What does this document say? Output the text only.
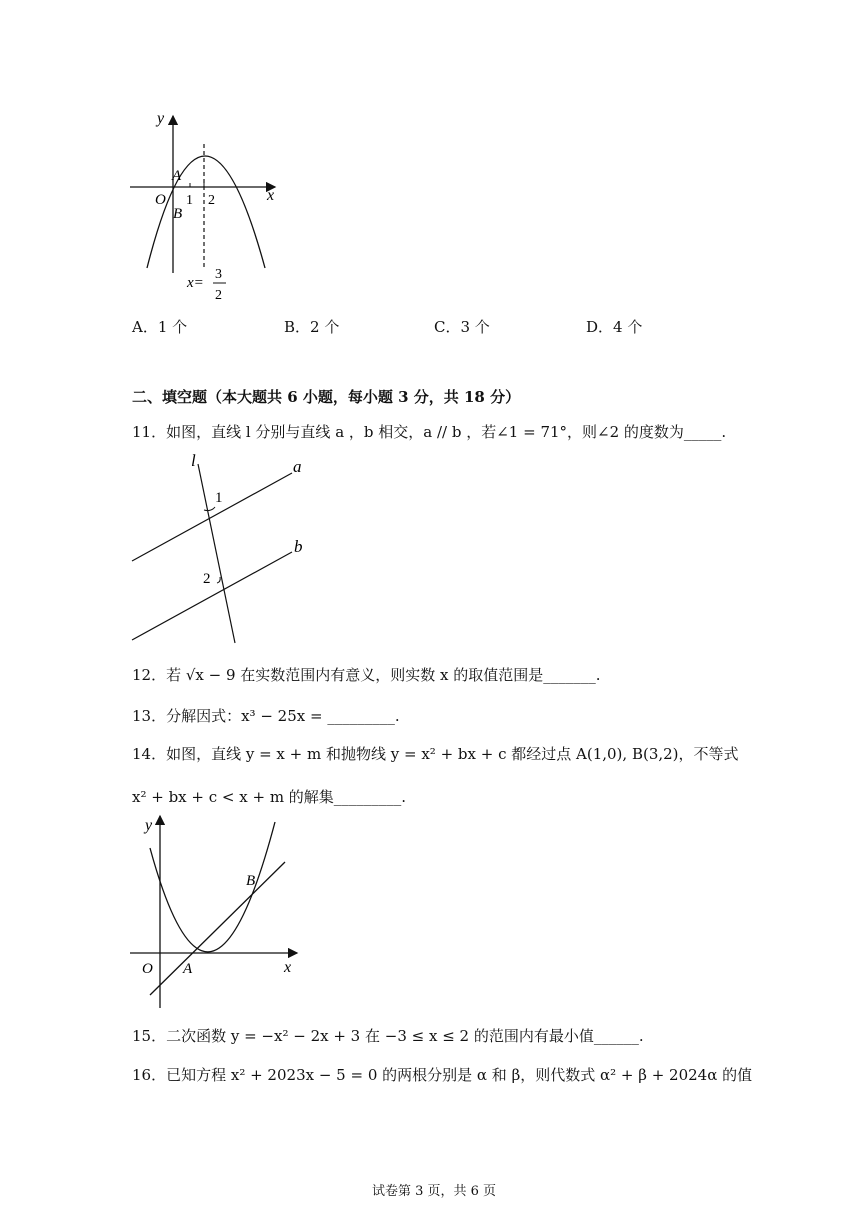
y
x
O
A
B
1 2
x=
3
2
A．1 个	B．2 个	C．3 个	D．4 个
二、填空题（本大题共 6 小题，每小题 3 分，共 18 分）
11．如图，直线 l 分别与直线 a ，b 相交，a // b ，若∠1 = 71°，则∠2 的度数为_____.
l	a
b
1
2
12．若 √x − 9 在实数范围内有意义，则实数 x 的取值范围是_______.
13．分解因式：x³ − 25x = _________.
14．如图，直线 y = x + m 和抛物线 y = x² + bx + c 都经过点 A(1,0), B(3,2)，不等式
x² + bx + c < x + m 的解集_________.
y
x
O A
B
15．二次函数 y = −x² − 2x + 3 在 −3 ≤ x ≤ 2 的范围内有最小值______.
16．已知方程 x² + 2023x − 5 = 0 的两根分别是 α 和 β，则代数式 α² + β + 2024α 的值
试卷第 3 页，共 6 页
